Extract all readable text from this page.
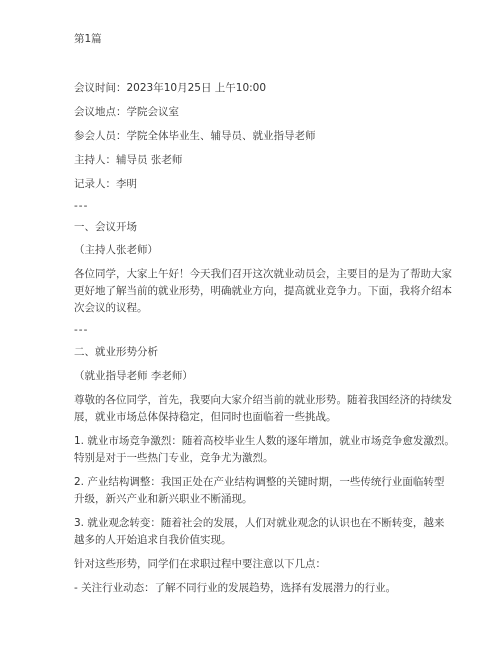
第1篇
会议时间：2023年10月25日 上午10:00
会议地点：学院会议室
参会人员：学院全体毕业生、辅导员、就业指导老师
主持人：辅导员 张老师
记录人：李明
---
一、会议开场
（主持人张老师）
各位同学，大家上午好！今天我们召开这次就业动员会，主要目的是为了帮助大家
更好地了解当前的就业形势，明确就业方向，提高就业竞争力。下面，我将介绍本
次会议的议程。
---
二、就业形势分析
（就业指导老师 李老师）
尊敬的各位同学，首先，我要向大家介绍当前的就业形势。随着我国经济的持续发
展，就业市场总体保持稳定，但同时也面临着一些挑战。
1. 就业市场竞争激烈：随着高校毕业生人数的逐年增加，就业市场竞争愈发激烈。
特别是对于一些热门专业，竞争尤为激烈。
2. 产业结构调整：我国正处在产业结构调整的关键时期，一些传统行业面临转型
升级，新兴产业和新兴职业不断涌现。
3. 就业观念转变：随着社会的发展，人们对就业观念的认识也在不断转变，越来
越多的人开始追求自我价值实现。
针对这些形势，同学们在求职过程中要注意以下几点：
- 关注行业动态：了解不同行业的发展趋势，选择有发展潜力的行业。
